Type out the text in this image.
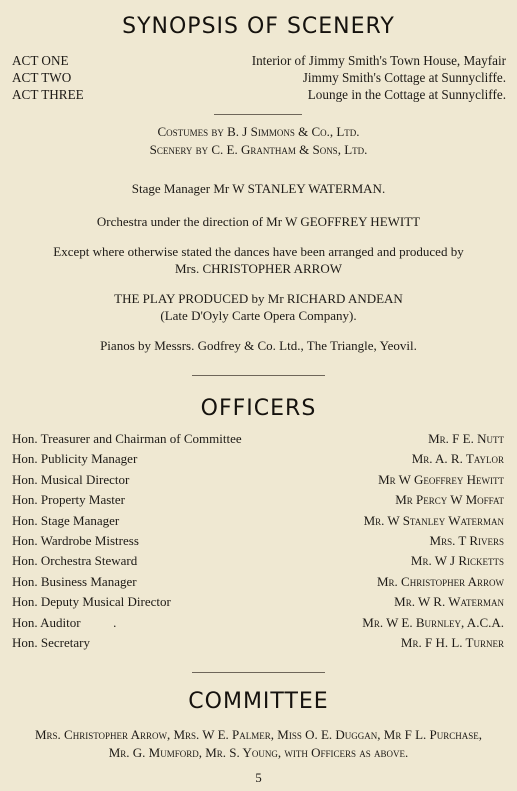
SYNOPSIS OF SCENERY
ACT ONE	Interior of Jimmy Smith's Town House, Mayfair
ACT TWO	Jimmy Smith's Cottage at Sunnycliffe.
ACT THREE	Lounge in the Cottage at Sunnycliffe.
Costumes by B. J Simmons & Co., Ltd.
Scenery by C. E. Grantham & Sons, Ltd.
Stage Manager Mr W STANLEY WATERMAN.
Orchestra under the direction of Mr W GEOFFREY HEWITT
Except where otherwise stated the dances have been arranged and produced by
Mrs. CHRISTOPHER ARROW
THE PLAY PRODUCED by Mr RICHARD ANDEAN
(Late D'Oyly Carte Opera Company).
Pianos by Messrs. Godfrey & Co. Ltd., The Triangle, Yeovil.
OFFICERS
Hon. Treasurer and Chairman of Committee	Mr. F E. Nutt
Hon. Publicity Manager	Mr. A. R. Taylor
Hon. Musical Director	Mr W Geoffrey Hewitt
Hon. Property Master	Mr Percy W Moffat
Hon. Stage Manager	Mr. W Stanley Waterman
Hon. Wardrobe Mistress	Mrs. T Rivers
Hon. Orchestra Steward	Mr. W J Ricketts
Hon. Business Manager	Mr. Christopher Arrow
Hon. Deputy Musical Director	Mr. W R. Waterman
Hon. Auditor          .	Mr. W E. Burnley, A.C.A.
Hon. Secretary	Mr. F H. L. Turner
COMMITTEE
Mrs. Christopher Arrow, Mrs. W E. Palmer, Miss O. E. Duggan, Mr F L. Purchase,
Mr. G. Mumford, Mr. S. Young, with Officers as above.
5
